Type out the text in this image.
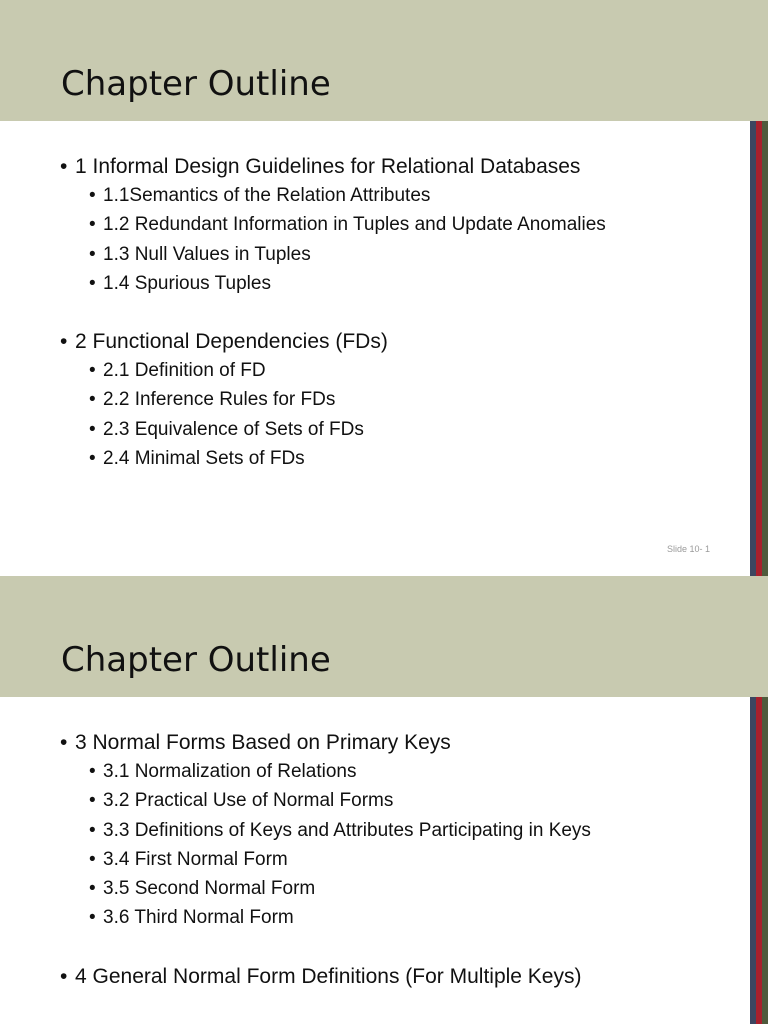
Chapter Outline
• 1 Informal Design Guidelines for Relational Databases
• 1.1Semantics of the Relation Attributes
• 1.2 Redundant Information in Tuples and Update Anomalies
• 1.3 Null Values in Tuples
• 1.4 Spurious Tuples
• 2 Functional Dependencies (FDs)
• 2.1 Definition of FD
• 2.2 Inference Rules for FDs
• 2.3 Equivalence of Sets of FDs
• 2.4 Minimal Sets of FDs
Slide 10- 1
Chapter Outline
• 3 Normal Forms Based on Primary Keys
• 3.1 Normalization of Relations
• 3.2 Practical Use of Normal Forms
• 3.3 Definitions of Keys and Attributes Participating in Keys
• 3.4 First Normal Form
• 3.5 Second Normal Form
• 3.6 Third Normal Form
• 4 General Normal Form Definitions (For Multiple Keys)
